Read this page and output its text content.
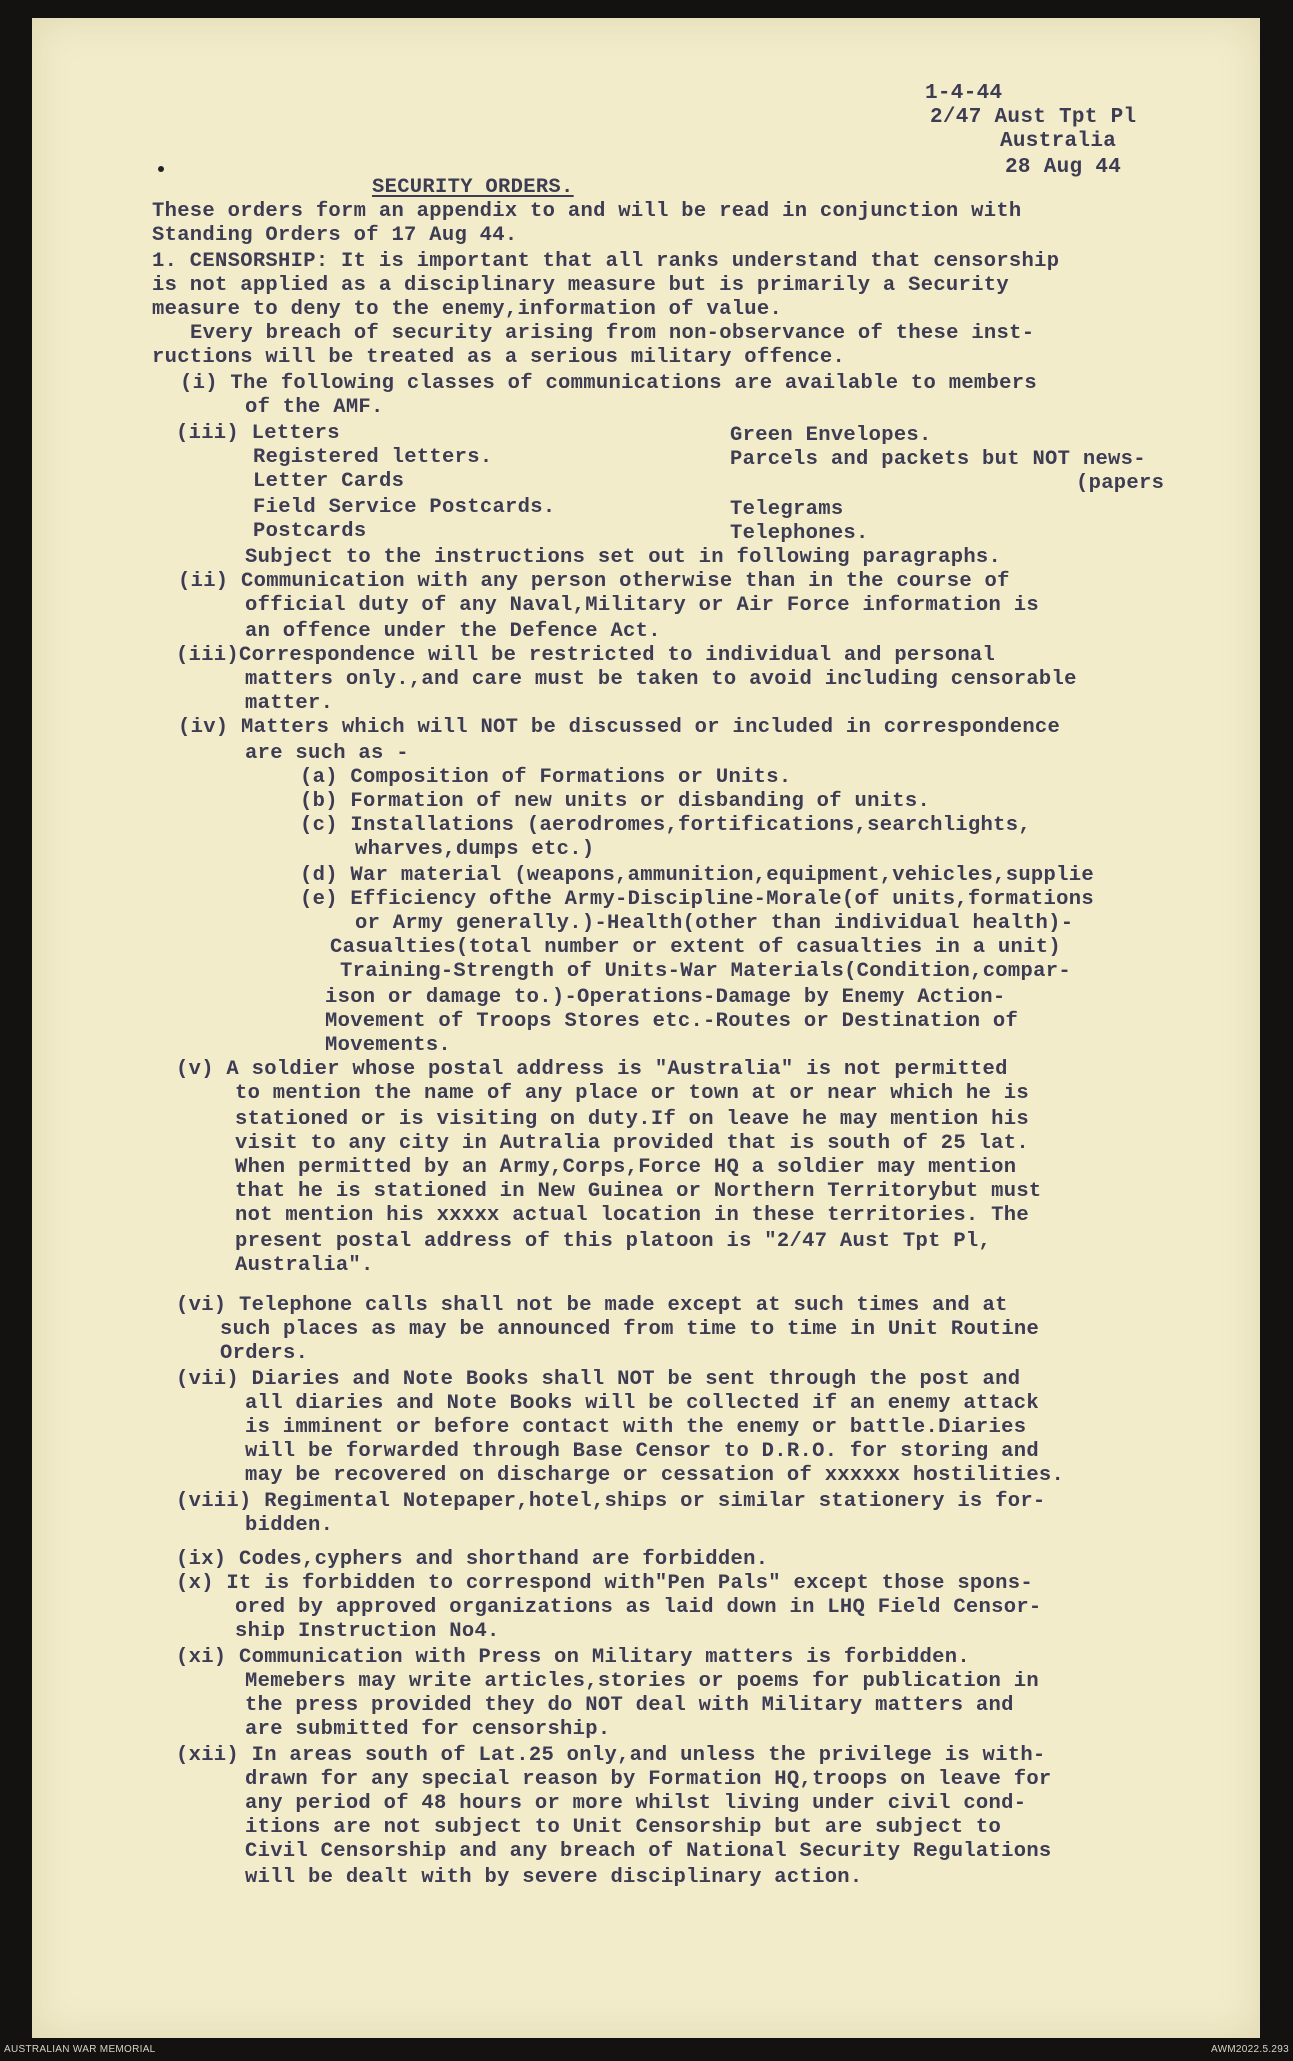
1-4-44
2/47 Aust Tpt Pl
Australia
28 Aug 44
SECURITY ORDERS.
These orders form an appendix to and will be read in conjunction with
Standing Orders of 17 Aug 44.
1. CENSORSHIP: It is important that all ranks understand that censorship
is not applied as a disciplinary measure but is primarily a Security
measure to deny to the enemy,information of value.
Every breach of security arising from non-observance of these inst-
ructions will be treated as a serious military offence.
(i) The following classes of communications are available to members
of the AMF.
(iii) Letters
Registered letters.
Letter Cards
Field Service Postcards.
Postcards
Green Envelopes.
Parcels and packets but NOT news-
(papers
Telegrams
Telephones.
Subject to the instructions set out in following paragraphs.
(ii) Communication with any person otherwise than in the course of
official duty of any Naval,Military or Air Force information is
an offence under the Defence Act.
(iii)Correspondence will be restricted to individual and personal
matters only.,and care must be taken to avoid including censorable
matter.
(iv) Matters which will NOT be discussed or included in correspondence
are such as -
(a) Composition of Formations or Units.
(b) Formation of new units or disbanding of units.
(c) Installations (aerodromes,fortifications,searchlights,
wharves,dumps etc.)
(d) War material (weapons,ammunition,equipment,vehicles,supplie
(e) Efficiency ofthe Army-Discipline-Morale(of units,formations
or Army generally.)-Health(other than individual health)-
Casualties(total number or extent of casualties in a unit)
Training-Strength of Units-War Materials(Condition,compar-
ison or damage to.)-Operations-Damage by Enemy Action-
Movement of Troops Stores etc.-Routes or Destination of
Movements.
(v) A soldier whose postal address is "Australia" is not permitted
to mention the name of any place or town at or near which he is
stationed or is visiting on duty.If on leave he may mention his
visit to any city in Autralia provided that is south of 25 lat.
When permitted by an Army,Corps,Force HQ a soldier may mention
that he is stationed in New Guinea or Northern Territorybut must
not mention his xxxxx actual location in these territories. The
present postal address of this platoon is "2/47 Aust Tpt Pl,
Australia".
(vi) Telephone calls shall not be made except at such times and at
such places as may be announced from time to time in Unit Routine
Orders.
(vii) Diaries and Note Books shall NOT be sent through the post and
all diaries and Note Books will be collected if an enemy attack
is imminent or before contact with the enemy or battle.Diaries
will be forwarded through Base Censor to D.R.O. for storing and
may be recovered on discharge or cessation of xxxxxx hostilities.
(viii) Regimental Notepaper,hotel,ships or similar stationery is for-
bidden.
(ix) Codes,cyphers and shorthand are forbidden.
(x) It is forbidden to correspond with"Pen Pals" except those spons-
ored by approved organizations as laid down in LHQ Field Censor-
ship Instruction No4.
(xi) Communication with Press on Military matters is forbidden.
Memebers may write articles,stories or poems for publication in
the press provided they do NOT deal with Military matters and
are submitted for censorship.
(xii) In areas south of Lat.25 only,and unless the privilege is with-
drawn for any special reason by Formation HQ,troops on leave for
any period of 48 hours or more whilst living under civil cond-
itions are not subject to Unit Censorship but are subject to
Civil Censorship and any breach of National Security Regulations
will be dealt with by severe disciplinary action.
AUSTRALIAN WAR MEMORIAL	AWM2022.5.293
